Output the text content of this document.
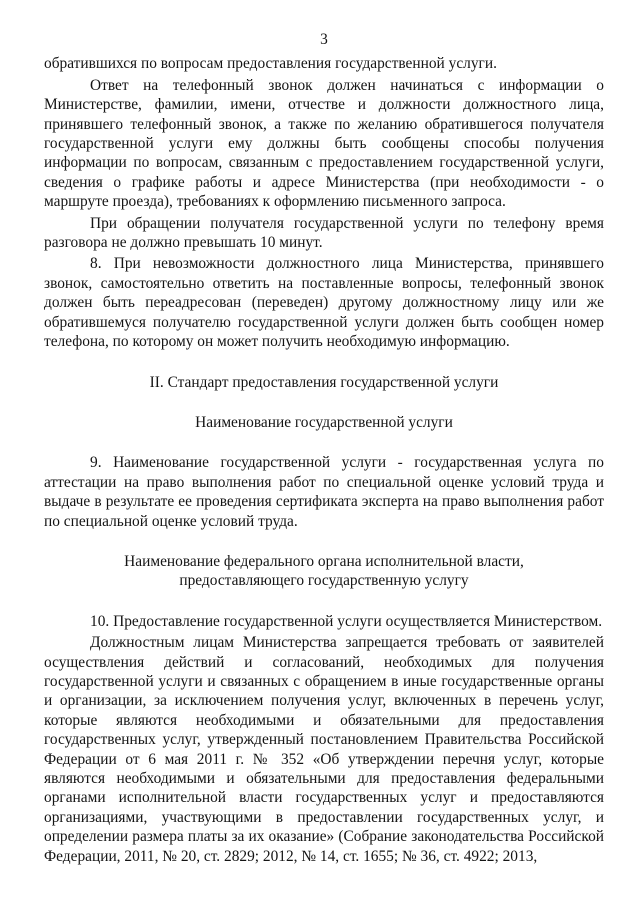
3

обратившихся по вопросам предоставления государственной услуги.

Ответ на телефонный звонок должен начинаться с информации о Министерстве, фамилии, имени, отчестве и должности должностного лица, принявшего телефонный звонок, а также по желанию обратившегося получателя государственной услуги ему должны быть сообщены способы получения информации по вопросам, связанным с предоставлением государственной услуги, сведения о графике работы и адресе Министерства (при необходимости - о маршруте проезда), требованиях к оформлению письменного запроса.

При обращении получателя государственной услуги по телефону время разговора не должно превышать 10 минут.

8. При невозможности должностного лица Министерства, принявшего звонок, самостоятельно ответить на поставленные вопросы, телефонный звонок должен быть переадресован (переведен) другому должностному лицу или же обратившемуся получателю государственной услуги должен быть сообщен номер телефона, по которому он может получить необходимую информацию.

II. Стандарт предоставления государственной услуги

Наименование государственной услуги

9. Наименование государственной услуги - государственная услуга по аттестации на право выполнения работ по специальной оценке условий труда и выдаче в результате ее проведения сертификата эксперта на право выполнения работ по специальной оценке условий труда.

Наименование федерального органа исполнительной власти,

предоставляющего государственную услугу

10. Предоставление государственной услуги осуществляется Министерством.

Должностным лицам Министерства запрещается требовать от заявителей осуществления действий и согласований, необходимых для получения государственной услуги и связанных с обращением в иные государственные органы и организации, за исключением получения услуг, включенных в перечень услуг, которые являются необходимыми и обязательными для предоставления государственных услуг, утвержденный постановлением Правительства Российской Федерации от 6 мая 2011 г. № 352 «Об утверждении перечня услуг, которые являются необходимыми и обязательными для предоставления федеральными органами исполнительной власти государственных услуг и предоставляются организациями, участвующими в предоставлении государственных услуг, и определении размера платы за их оказание» (Собрание законодательства Российской Федерации, 2011, № 20, ст. 2829; 2012, № 14, ст. 1655; № 36, ст. 4922; 2013,
